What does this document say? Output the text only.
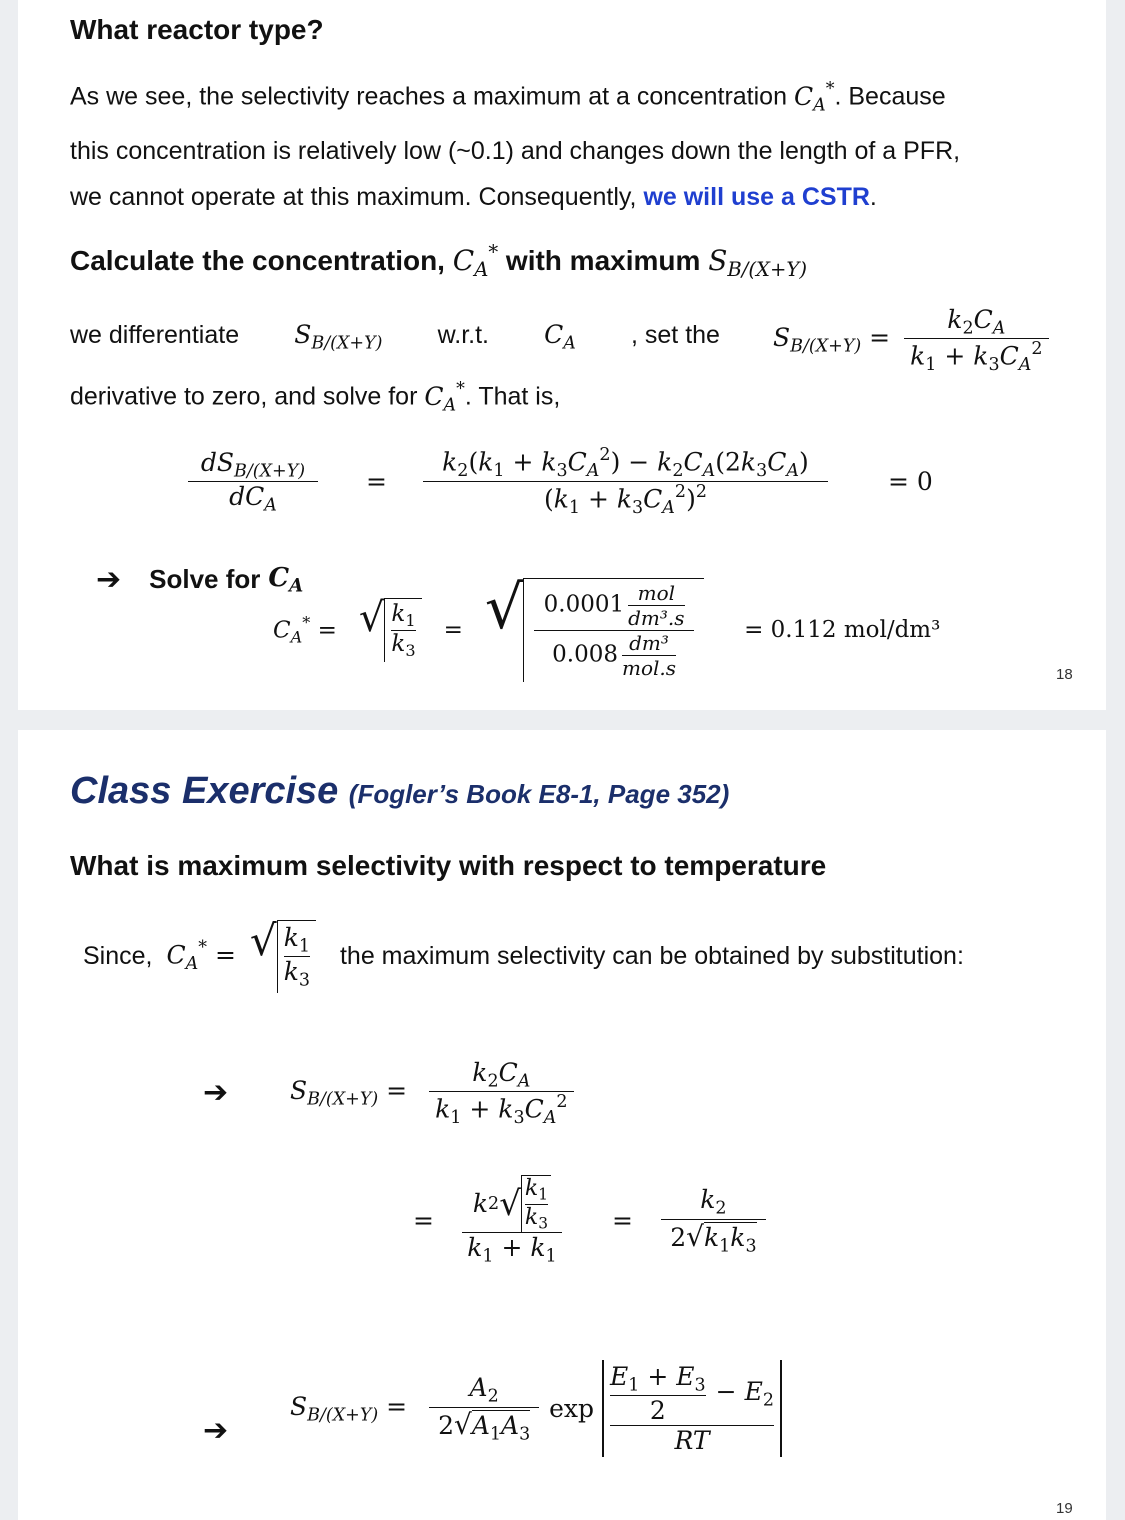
What reactor type?
As we see, the selectivity reaches a maximum at a concentration $C_A^*$. Because
this concentration is relatively low (~0.1) and changes down the length of a PFR,
we cannot operate at this maximum. Consequently, we will use a CSTR.
Calculate the concentration, $C_A^*$ with maximum $S_{B/(X+Y)}$
we differentiate $S_{B/(X+Y)}$ w.r.t. $C_A$ , set the
derivative to zero, and solve for $C_A^*$. That is,
$S_{B/(X+Y)} = \frac{k_2C_A}{k_1 + k_3C_A^2}$
$\frac{dS_{B/(X+Y)}}{dC_A} = \frac{k_2(k_1 + k_3C_A^2) - k_2C_A(2k_3C_A)}{(k_1 + k_3C_A^2)^2} = 0$
➔ Solve for $C_A$
$C_A^*$ = √ $\frac{k_1}{k_3}$ = √ $\frac{0.0001 \frac{\text{mol}}{\text{dm³.s}}}{0.008 \frac{\text{dm³}}{\text{mol.s}}} = 0.112$ mol/dm³
18
Class Exercise (Fogler’s Book E8-1, Page 352)
What is maximum selectivity with respect to temperature
Since, $C_A^*$ = √ $\frac{k_1}{k_3}$ the maximum selectivity can be obtained by substitution:
➔ $S_{B/(X+Y)} = \frac{k_2C_A}{k_1 + k_3C_A^2}$
= $\frac{k 2 √ \frac{k_1}{k_3}}{k_1 + k_1} = \frac{k_2}{2√k_1k_3}$
➔
$S_{B/(X+Y)} = \frac{A_2}{2√A_1A_3}$ $\exp \frac{\frac{E_1 + E_3}{2} - E_2}{RT}$
19
